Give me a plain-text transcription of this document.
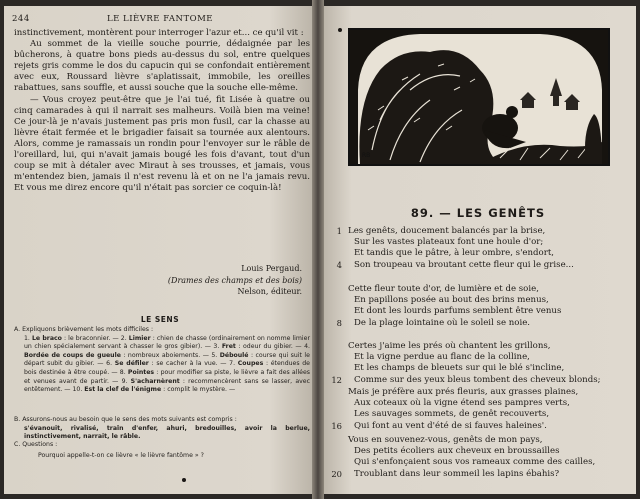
244	LE LIÈVRE FANTOME

instinctivement, montèrent pour interroger l'azur et... ce qu'il vit :

Au sommet de la vieille souche pourrie, dédaignée par les bûcherons, à quatre bons pieds au-dessus du sol, entre quelques rejets gris comme le dos du capucin qui se confondait entièrement avec eux, Roussard lièvre s'aplatissait, immobile, les oreilles rabattues, sans souffle, et aussi souche que la souche elle-même.

— Vous croyez peut-être que je l'ai tué, fit Lisée à quatre ou cinq camarades à qui il narrait ses malheurs. Voilà bien ma veine! Ce jour-là je n'avais justement pas pris mon fusil, car la chasse au lièvre était fermée et le brigadier faisait sa tournée aux alentours. Alors, comme je ramassais un rondin pour l'envoyer sur le râble de l'oreillard, lui, qui n'avait jamais bougé les fois d'avant, tout d'un coup se mit à détaler avec Miraut à ses trousses, et jamais, vous m'entendez bien, jamais il n'est revenu là et on ne l'a jamais revu. Et vous me direz encore qu'il n'était pas sorcier ce coquin-là!

Louis Pergaud.
(Drames des champs et des bois)
Nelson, éditeur.
LE SENS
A. Expliquons brièvement les mots difficiles :
1. Le braco : le braconnier. — 2. Limier : chien de chasse (ordinairement on nomme limier un chien spécialement servant à chasser le gros gibier). — 3. Fret : odeur du gibier. — 4. Bordée de coups de gueule : nombreux aboiements. — 5. Déboulé : course qui suit le départ subit du gibier. — 6. Se défiler : se cacher à la vue. — 7. Coupes : étendues de bois destinée à être coupé. — 8. Pointes : pour modifier sa piste, le lièvre a fait des allées et venues avant de partir. — 9. S'acharnèrent : recommencèrent sans se lasser, avec entêtement. — 10. Est la clef de l'énigme : complit le mystère. —
B. Assurons-nous au besoin que le sens des mots suivants est compris :
s'évanouit, rivalisé, traîn d'enfer, ahuri, bredouilles, avoir la berlue, instinctivement, narrait, le râble.
C. Questions :
Pourquoi appelle-t-on ce lièvre « le lièvre fantôme » ?
RB
89. — LES GENÊTS
1 Les genêts, doucement balancés par la brise,
Sur les vastes plateaux font une houle d'or;
Et tandis que le pâtre, à leur ombre, s'endort,
4 Son troupeau va broutant cette fleur qui le grise...
Cette fleur toute d'or, de lumière et de soie,
En papillons posée au bout des brins menus,
Et dont les lourds parfums semblent être venus
8 De la plage lointaine où le soleil se noie.
Certes j'aime les prés où chantent les grillons,
Et la vigne perdue au flanc de la colline,
Et les champs de bleuets sur qui le blé s'incline,
12 Comme sur des yeux bleus tombent des cheveux blonds;
Mais je préfère aux prés fleuris, aux grasses plaines,
Aux coteaux où la vigne étend ses pampres verts,
Les sauvages sommets, de genêt recouverts,
16 Qui font au vent d'été de si fauves haleines'.
Vous en souvenez-vous, genêts de mon pays,
Des petits écoliers aux cheveux en broussailles
Qui s'enfonçaient sous vos rameaux comme des cailles,
20 Troublant dans leur sommeil les lapins ébahis?
